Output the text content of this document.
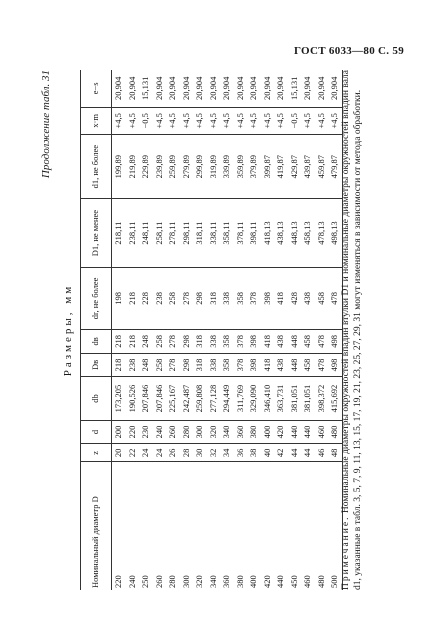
ГОСТ 6033—80 С. 59
Продолжение табл. 31
Размеры, мм
Номинальный диаметр D	z	d	db	Dв	dв	dr, не более	D1, не менее	d1, не более	x·m	e−s
220	20	200	173,205	218	218	198	218,11	199,89	+4,5	20,904
240	22	220	190,526	238	218	218	238,11	219,89	+4,5	20,904
250	24	230	207,846	248	248	228	248,11	229,89	−0,5	15,131
260	24	240	207,846	258	258	238	258,11	239,89	+4,5	20,904
280	26	260	225,167	278	278	258	278,11	259,89	+4,5	20,904
300	28	280	242,487	298	298	278	298,11	279,89	+4,5	20,904
320	30	300	259,808	318	318	298	318,11	299,89	+4,5	20,904
340	32	320	277,128	338	338	318	338,11	319,89	+4,5	20,904
360	34	340	294,449	358	358	338	358,11	339,89	+4,5	20,904
380	36	360	311,769	378	378	358	378,11	359,89	+4,5	20,904
400	38	380	329,090	398	398	378	398,11	379,89	+4,5	20,904
420	40	400	346,410	418	418	398	418,13	399,87	+4,5	20,904
440	42	420	363,731	438	438	418	438,13	419,87	+4,5	20,904
450	44	440	381,051	448	448	428	448,13	429,87	−0,5	15,131
460	44	440	381,051	458	458	438	458,13	439,87	+4,5	20,904
480	46	460	398,372	478	478	458	478,13	459,87	+4,5	20,904
500	48	480	415,692	498	498	478	498,13	479,87	+4,5	20,904
Примечание. Номинальные диаметры окружностей впадин втулки D1 и номинальные диаметры окружностей впадин вала d1, указанные в табл. 3, 5, 7, 9, 11, 13, 15, 17, 19, 21, 23, 25, 27, 29, 31 могут изменяться в зависимости от метода обработки.
